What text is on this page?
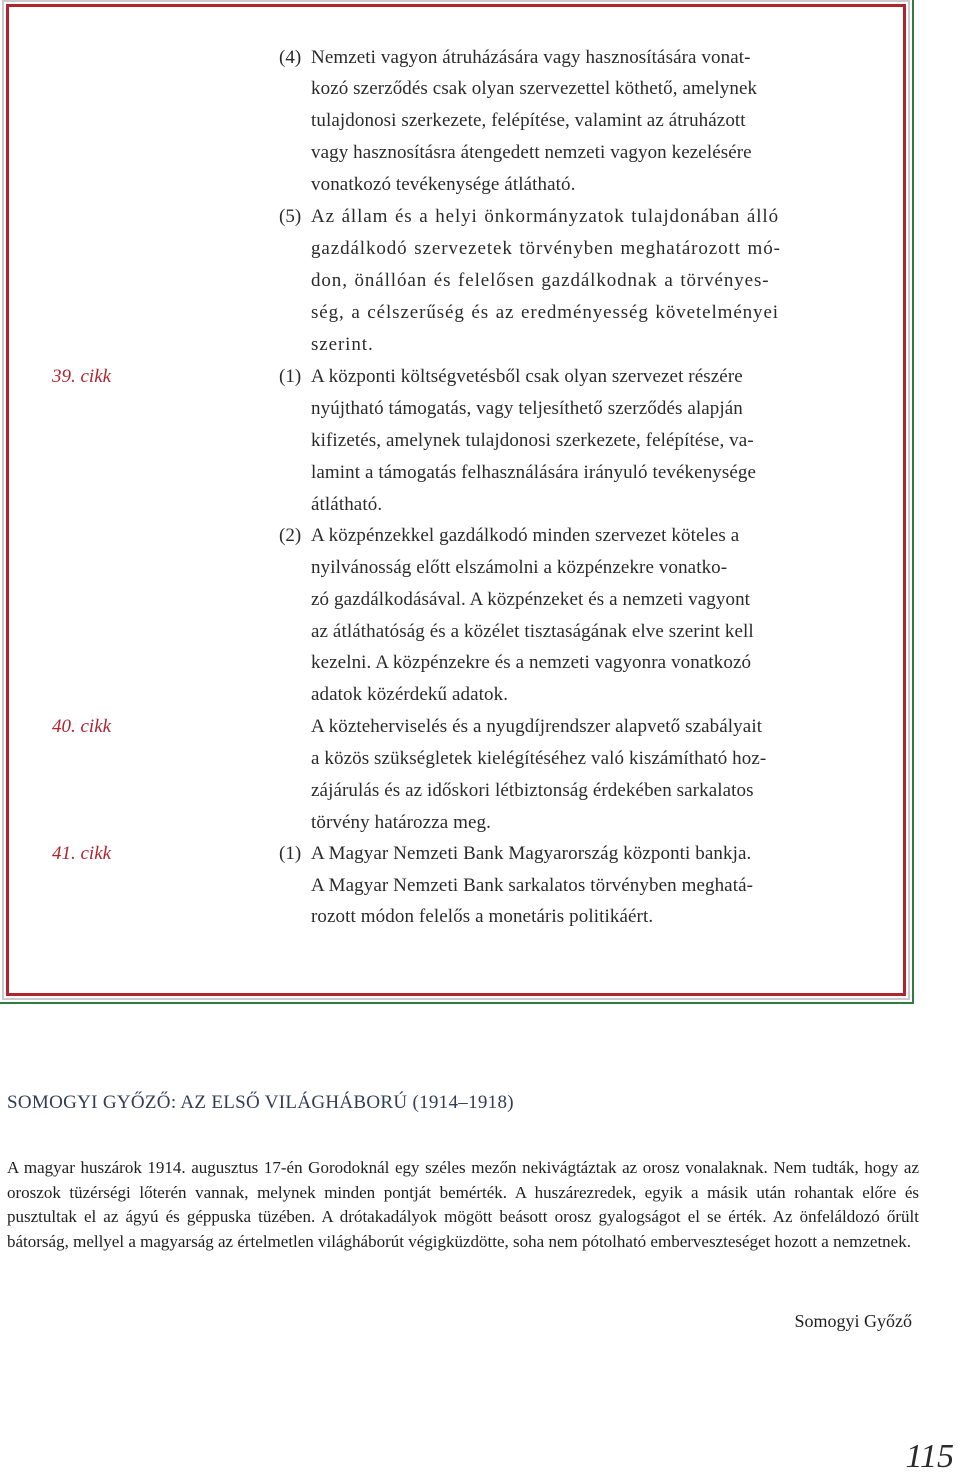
(4) Nemzeti vagyon átruházására vagy hasznosítására vonat-
kozó szerződés csak olyan szervezettel köthető, amelynek
tulajdonosi szerkezete, felépítése, valamint az átruházott
vagy hasznosításra átengedett nemzeti vagyon kezelésére
vonatkozó tevékenysége átlátható.
(5) Az állam és a helyi önkormányzatok tulajdonában álló
gazdálkodó szervezetek törvényben meghatározott mó-
don, önállóan és felelősen gazdálkodnak a törvényes-
ség, a célszerűség és az eredményesség követelményei
szerint.
39. cikk	(1) A központi költségvetésből csak olyan szervezet részére
nyújtható támogatás, vagy teljesíthető szerződés alapján
kifizetés, amelynek tulajdonosi szerkezete, felépítése, va-
lamint a támogatás felhasználására irányuló tevékenysége
átlátható.
(2) A közpénzekkel gazdálkodó minden szervezet köteles a
nyilvánosság előtt elszámolni a közpénzekre vonatko-
zó gazdálkodásával. A közpénzeket és a nemzeti vagyont
az átláthatóság és a közélet tisztaságának elve szerint kell
kezelni. A közpénzekre és a nemzeti vagyonra vonatkozó
adatok közérdekű adatok.
40. cikk	A közteherviselés és a nyugdíjrendszer alapvető szabályait
a közös szükségletek kielégítéséhez való kiszámítható hoz-
zájárulás és az időskori létbiztonság érdekében sarkalatos
törvény határozza meg.
41. cikk	(1) A Magyar Nemzeti Bank Magyarország központi bankja.
A Magyar Nemzeti Bank sarkalatos törvényben meghatá-
rozott módon felelős a monetáris politikáért.
SOMOGYI GYŐZŐ: AZ ELSŐ VILÁGHÁBORÚ (1914–1918)
A magyar huszárok 1914. augusztus 17-én Gorodoknál egy széles mezőn nekivágtáztak az orosz vonalaknak. Nem tudták, hogy az oroszok tüzérségi lőterén vannak, melynek minden pontját bemérték. A huszárezredek, egyik a másik után rohantak előre és pusztultak el az ágyú és géppuska tüzében. A drótakadályok mögött beásott orosz gyalogságot el se érték. Az önfeláldozó őrült bátorság, mellyel a magyarság az értelmetlen világháborút végigküzdötte, soha nem pótolható emberveszteséget hozott a nemzetnek.
Somogyi Győző
115
